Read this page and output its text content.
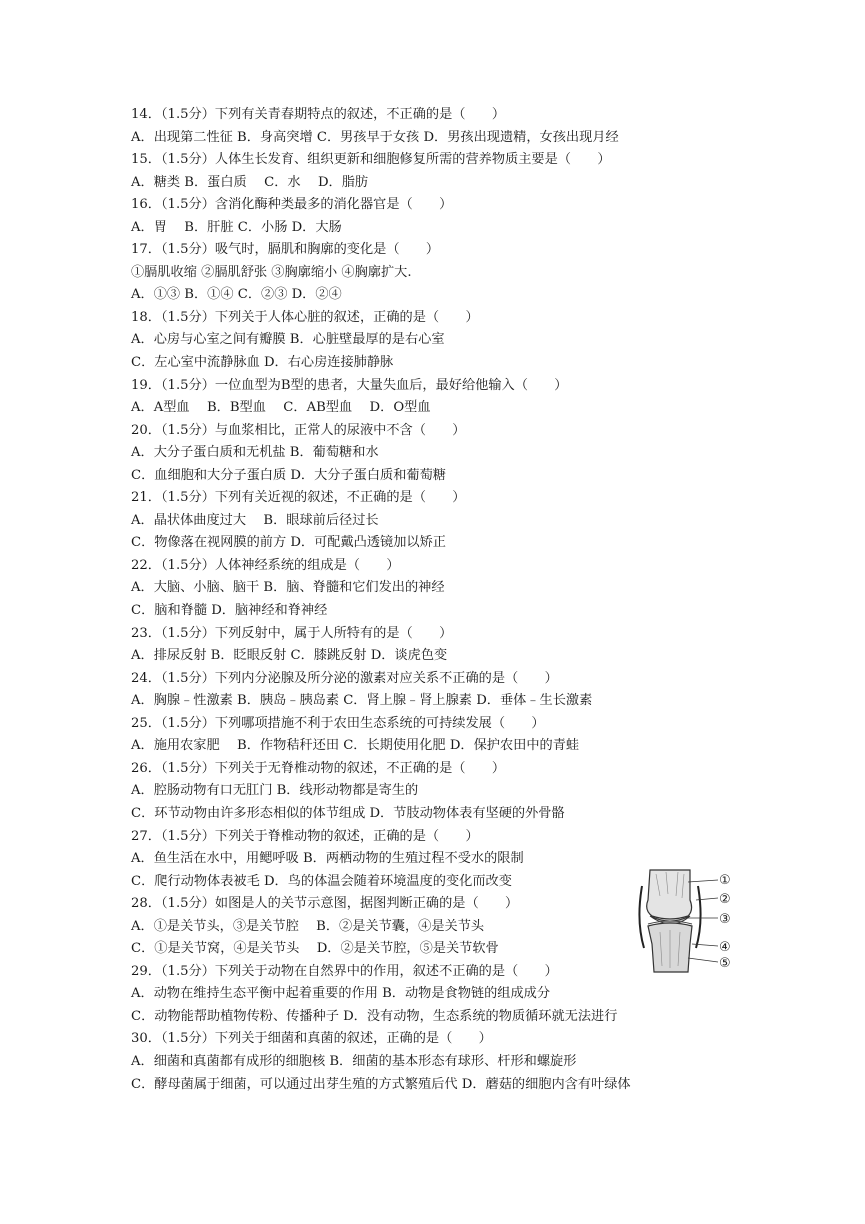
14．（1.5分）下列有关青春期特点的叙述，不正确的是（　　）
A．出现第二性征 B．身高突增 C．男孩早于女孩 D．男孩出现遗精，女孩出现月经
15．（1.5分）人体生长发育、组织更新和细胞修复所需的营养物质主要是（　　）
A．糖类 B．蛋白质　 C．水　 D．脂肪
16．（1.5分）含消化酶种类最多的消化器官是（　　）
A．胃　 B．肝脏 C．小肠 D．大肠
17．（1.5分）吸气时，膈肌和胸廓的变化是（　　）
①膈肌收缩 ②膈肌舒张 ③胸廓缩小 ④胸廓扩大.
A．①③ B．①④ C．②③ D．②④
18．（1.5分）下列关于人体心脏的叙述，正确的是（　　）
A．心房与心室之间有瓣膜 B．心脏壁最厚的是右心室
C．左心室中流静脉血 D．右心房连接肺静脉
19．（1.5分）一位血型为B型的患者，大量失血后，最好给他输入（　　）
A．A型血　 B．B型血　 C．AB型血　 D．O型血
20．（1.5分）与血浆相比，正常人的尿液中不含（　　）
A．大分子蛋白质和无机盐 B．葡萄糖和水
C．血细胞和大分子蛋白质 D．大分子蛋白质和葡萄糖
21．（1.5分）下列有关近视的叙述，不正确的是（　　）
A．晶状体曲度过大　 B．眼球前后径过长
C．物像落在视网膜的前方 D．可配戴凸透镜加以矫正
22．（1.5分）人体神经系统的组成是（　　）
A．大脑、小脑、脑干 B．脑、脊髓和它们发出的神经
C．脑和脊髓 D．脑神经和脊神经
23．（1.5分）下列反射中，属于人所特有的是（　　）
A．排尿反射 B．眨眼反射 C．膝跳反射 D．谈虎色变
24．（1.5分）下列内分泌腺及所分泌的激素对应关系不正确的是（　　）
A．胸腺﹣性激素 B．胰岛﹣胰岛素 C．肾上腺﹣肾上腺素 D．垂体﹣生长激素
25．（1.5分）下列哪项措施不利于农田生态系统的可持续发展（　　）
A．施用农家肥　 B．作物秸秆还田 C．长期使用化肥 D．保护农田中的青蛙
26．（1.5分）下列关于无脊椎动物的叙述，不正确的是（　　）
A．腔肠动物有口无肛门 B．线形动物都是寄生的
C．环节动物由许多形态相似的体节组成 D．节肢动物体表有坚硬的外骨骼
27．（1.5分）下列关于脊椎动物的叙述，正确的是（　　）
A．鱼生活在水中，用鳃呼吸 B．两栖动物的生殖过程不受水的限制
C．爬行动物体表被毛 D．鸟的体温会随着环境温度的变化而改变
28．（1.5分）如图是人的关节示意图，据图判断正确的是（　　）
A．①是关节头，③是关节腔　 B．②是关节囊，④是关节头
C．①是关节窝，④是关节头　 D．②是关节腔，⑤是关节软骨
29．（1.5分）下列关于动物在自然界中的作用，叙述不正确的是（　　）
A．动物在维持生态平衡中起着重要的作用 B．动物是食物链的组成成分
C．动物能帮助植物传粉、传播种子 D．没有动物，生态系统的物质循环就无法进行
30．（1.5分）下列关于细菌和真菌的叙述，正确的是（　　）
A．细菌和真菌都有成形的细胞核 B．细菌的基本形态有球形、杆形和螺旋形
C．酵母菌属于细菌，可以通过出芽生殖的方式繁殖后代 D．蘑菇的细胞内含有叶绿体
①
②
③
④
⑤
